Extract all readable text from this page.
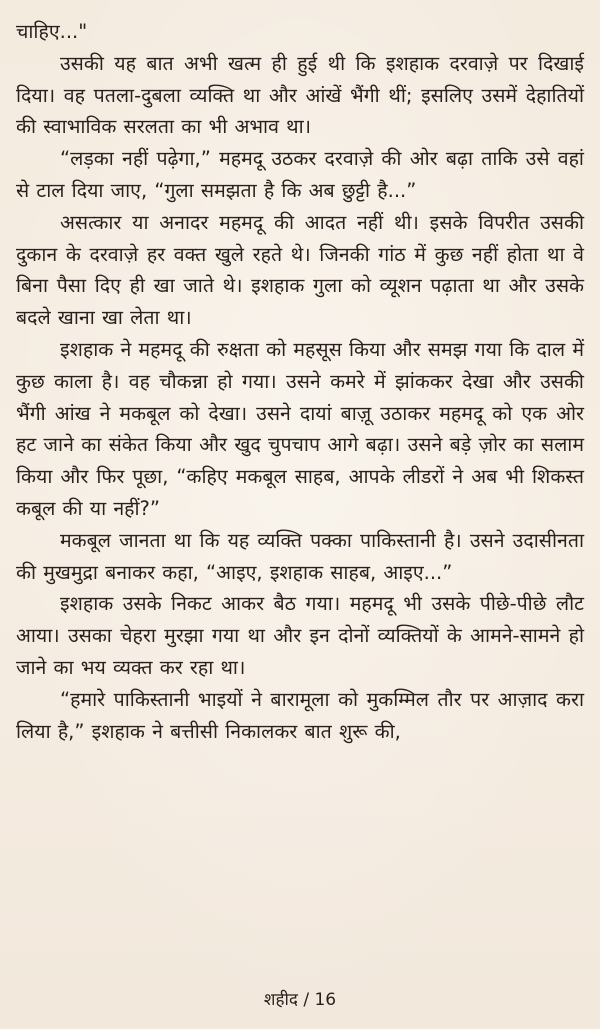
चाहिए..."

उसकी यह बात अभी खत्म ही हुई थी कि इशहाक दरवाज़े पर दिखाई दिया। वह पतला-दुबला व्यक्ति था और आंखें भैंगी थीं; इसलिए उसमें देहातियों की स्वाभाविक सरलता का भी अभाव था।

“लड़का नहीं पढ़ेगा,” महमदू उठकर दरवाज़े की ओर बढ़ा ताकि उसे वहां से टाल दिया जाए, “गुला समझता है कि अब छुट्टी है...”

असत्कार या अनादर महमदू की आदत नहीं थी। इसके विपरीत उसकी दुकान के दरवाज़े हर वक्त खुले रहते थे। जिनकी गांठ में कुछ नहीं होता था वे बिना पैसा दिए ही खा जाते थे। इशहाक गुला को व्यूशन पढ़ाता था और उसके बदले खाना खा लेता था।

इशहाक ने महमदू की रुक्षता को महसूस किया और समझ गया कि दाल में कुछ काला है। वह चौकन्ना हो गया। उसने कमरे में झांककर देखा और उसकी भैंगी आंख ने मकबूल को देखा। उसने दायां बाज़ू उठाकर महमदू को एक ओर हट जाने का संकेत किया और खुद चुपचाप आगे बढ़ा। उसने बड़े ज़ोर का सलाम किया और फिर पूछा, “कहिए मकबूल साहब, आपके लीडरों ने अब भी शिकस्त कबूल की या नहीं?”

मकबूल जानता था कि यह व्यक्ति पक्का पाकिस्तानी है। उसने उदासीनता की मुखमुद्रा बनाकर कहा, “आइए, इशहाक साहब, आइए...”

इशहाक उसके निकट आकर बैठ गया। महमदू भी उसके पीछे-पीछे लौट आया। उसका चेहरा मुरझा गया था और इन दोनों व्यक्तियों के आमने-सामने हो जाने का भय व्यक्त कर रहा था।

“हमारे पाकिस्तानी भाइयों ने बारामूला को मुकम्मिल तौर पर आज़ाद करा लिया है,” इशहाक ने बत्तीसी निकालकर बात शुरू की,

शहीद / 16
